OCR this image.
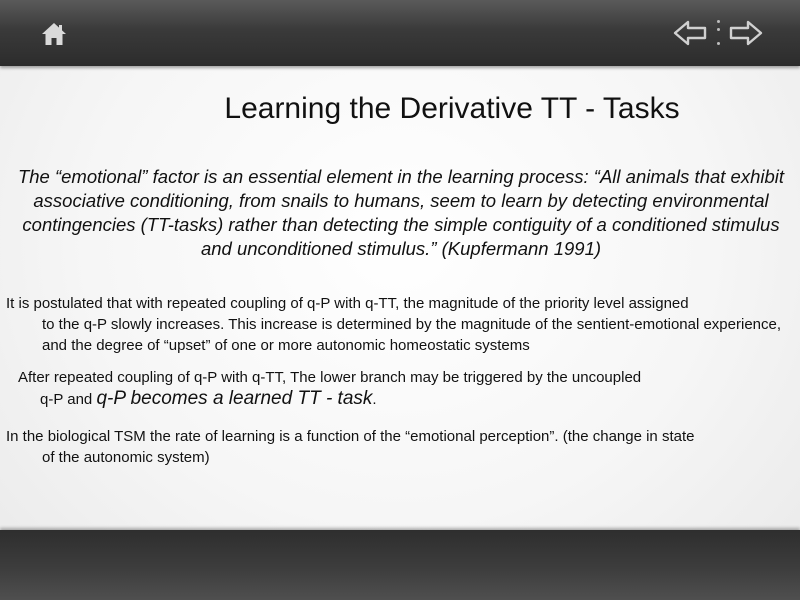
Learning the Derivative TT - Tasks

The “emotional” factor is an essential element in the learning process: “All animals that exhibit associative conditioning, from snails to humans, seem to learn by detecting environmental contingencies (TT-tasks) rather than detecting the simple contiguity of a conditioned stimulus and unconditioned stimulus.” (Kupfermann 1991)

It is postulated that with repeated coupling of q-P with q-TT, the magnitude of the priority level assigned
to the q-P slowly increases. This increase is determined by the magnitude of the sentient-emotional experience, and the degree of “upset” of one or more autonomic homeostatic systems

After repeated coupling of q-P with q-TT, The lower branch may be triggered by the uncoupled
q-P and q-P becomes a learned TT - task.

In the biological TSM the rate of learning is a function of the “emotional perception”. (the change in state
of the autonomic system)
